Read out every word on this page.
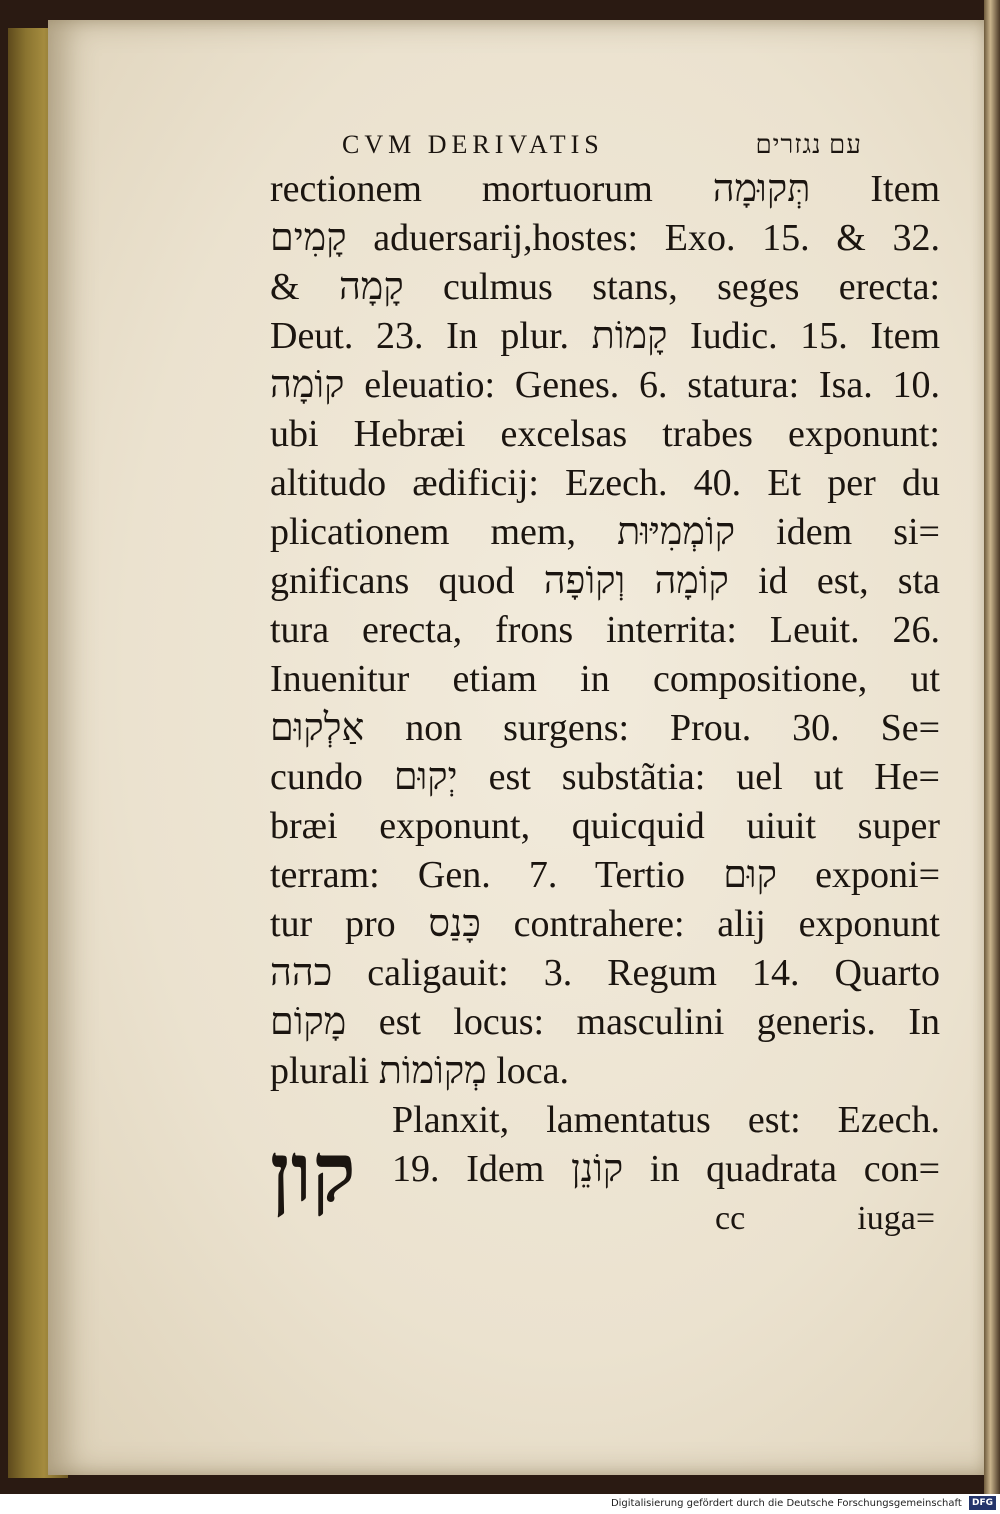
CVM DERIVATIS	עם נגזרים
rectionem mortuorum תְּקוּמָה Item
קָמִים aduersarij,hostes: Exo. 15. & 32.
& קָמָה culmus stans, seges erecta:
Deut. 23. In plur. קָמוֹת Iudic. 15. Item
קוֹמָה eleuatio: Genes. 6. statura: Isa. 10.
ubi Hebræi excelsas trabes exponunt:
altitudo ædificij: Ezech. 40. Et per du
plicationem mem, קוֹמְמִיּוּת idem si=
gnificans quod קוֹמָה וְקוֹפָה id est, sta
tura erecta, frons interrita: Leuit. 26.
Inuenitur etiam in compositione, ut
אַלְקוּם non surgens: Prou. 30. Se=
cundo יְקוּם est substãtia: uel ut He=
bræi exponunt, quicquid uiuit super
terram: Gen. 7. Tertio קוּם exponi=
tur pro כָּנַס contrahere: alij exponunt
כהה caligauit: 3. Regum 14. Quarto
מָקוֹם est locus: masculini generis. In
plurali מְקוֹמוֹת loca.
קון
Planxit, lamentatus est: Ezech.
19. Idem קוֹנֵן in quadrata con=
cc	iuga=
Digitalisierung gefördert durch die Deutsche Forschungsgemeinschaft DFG
